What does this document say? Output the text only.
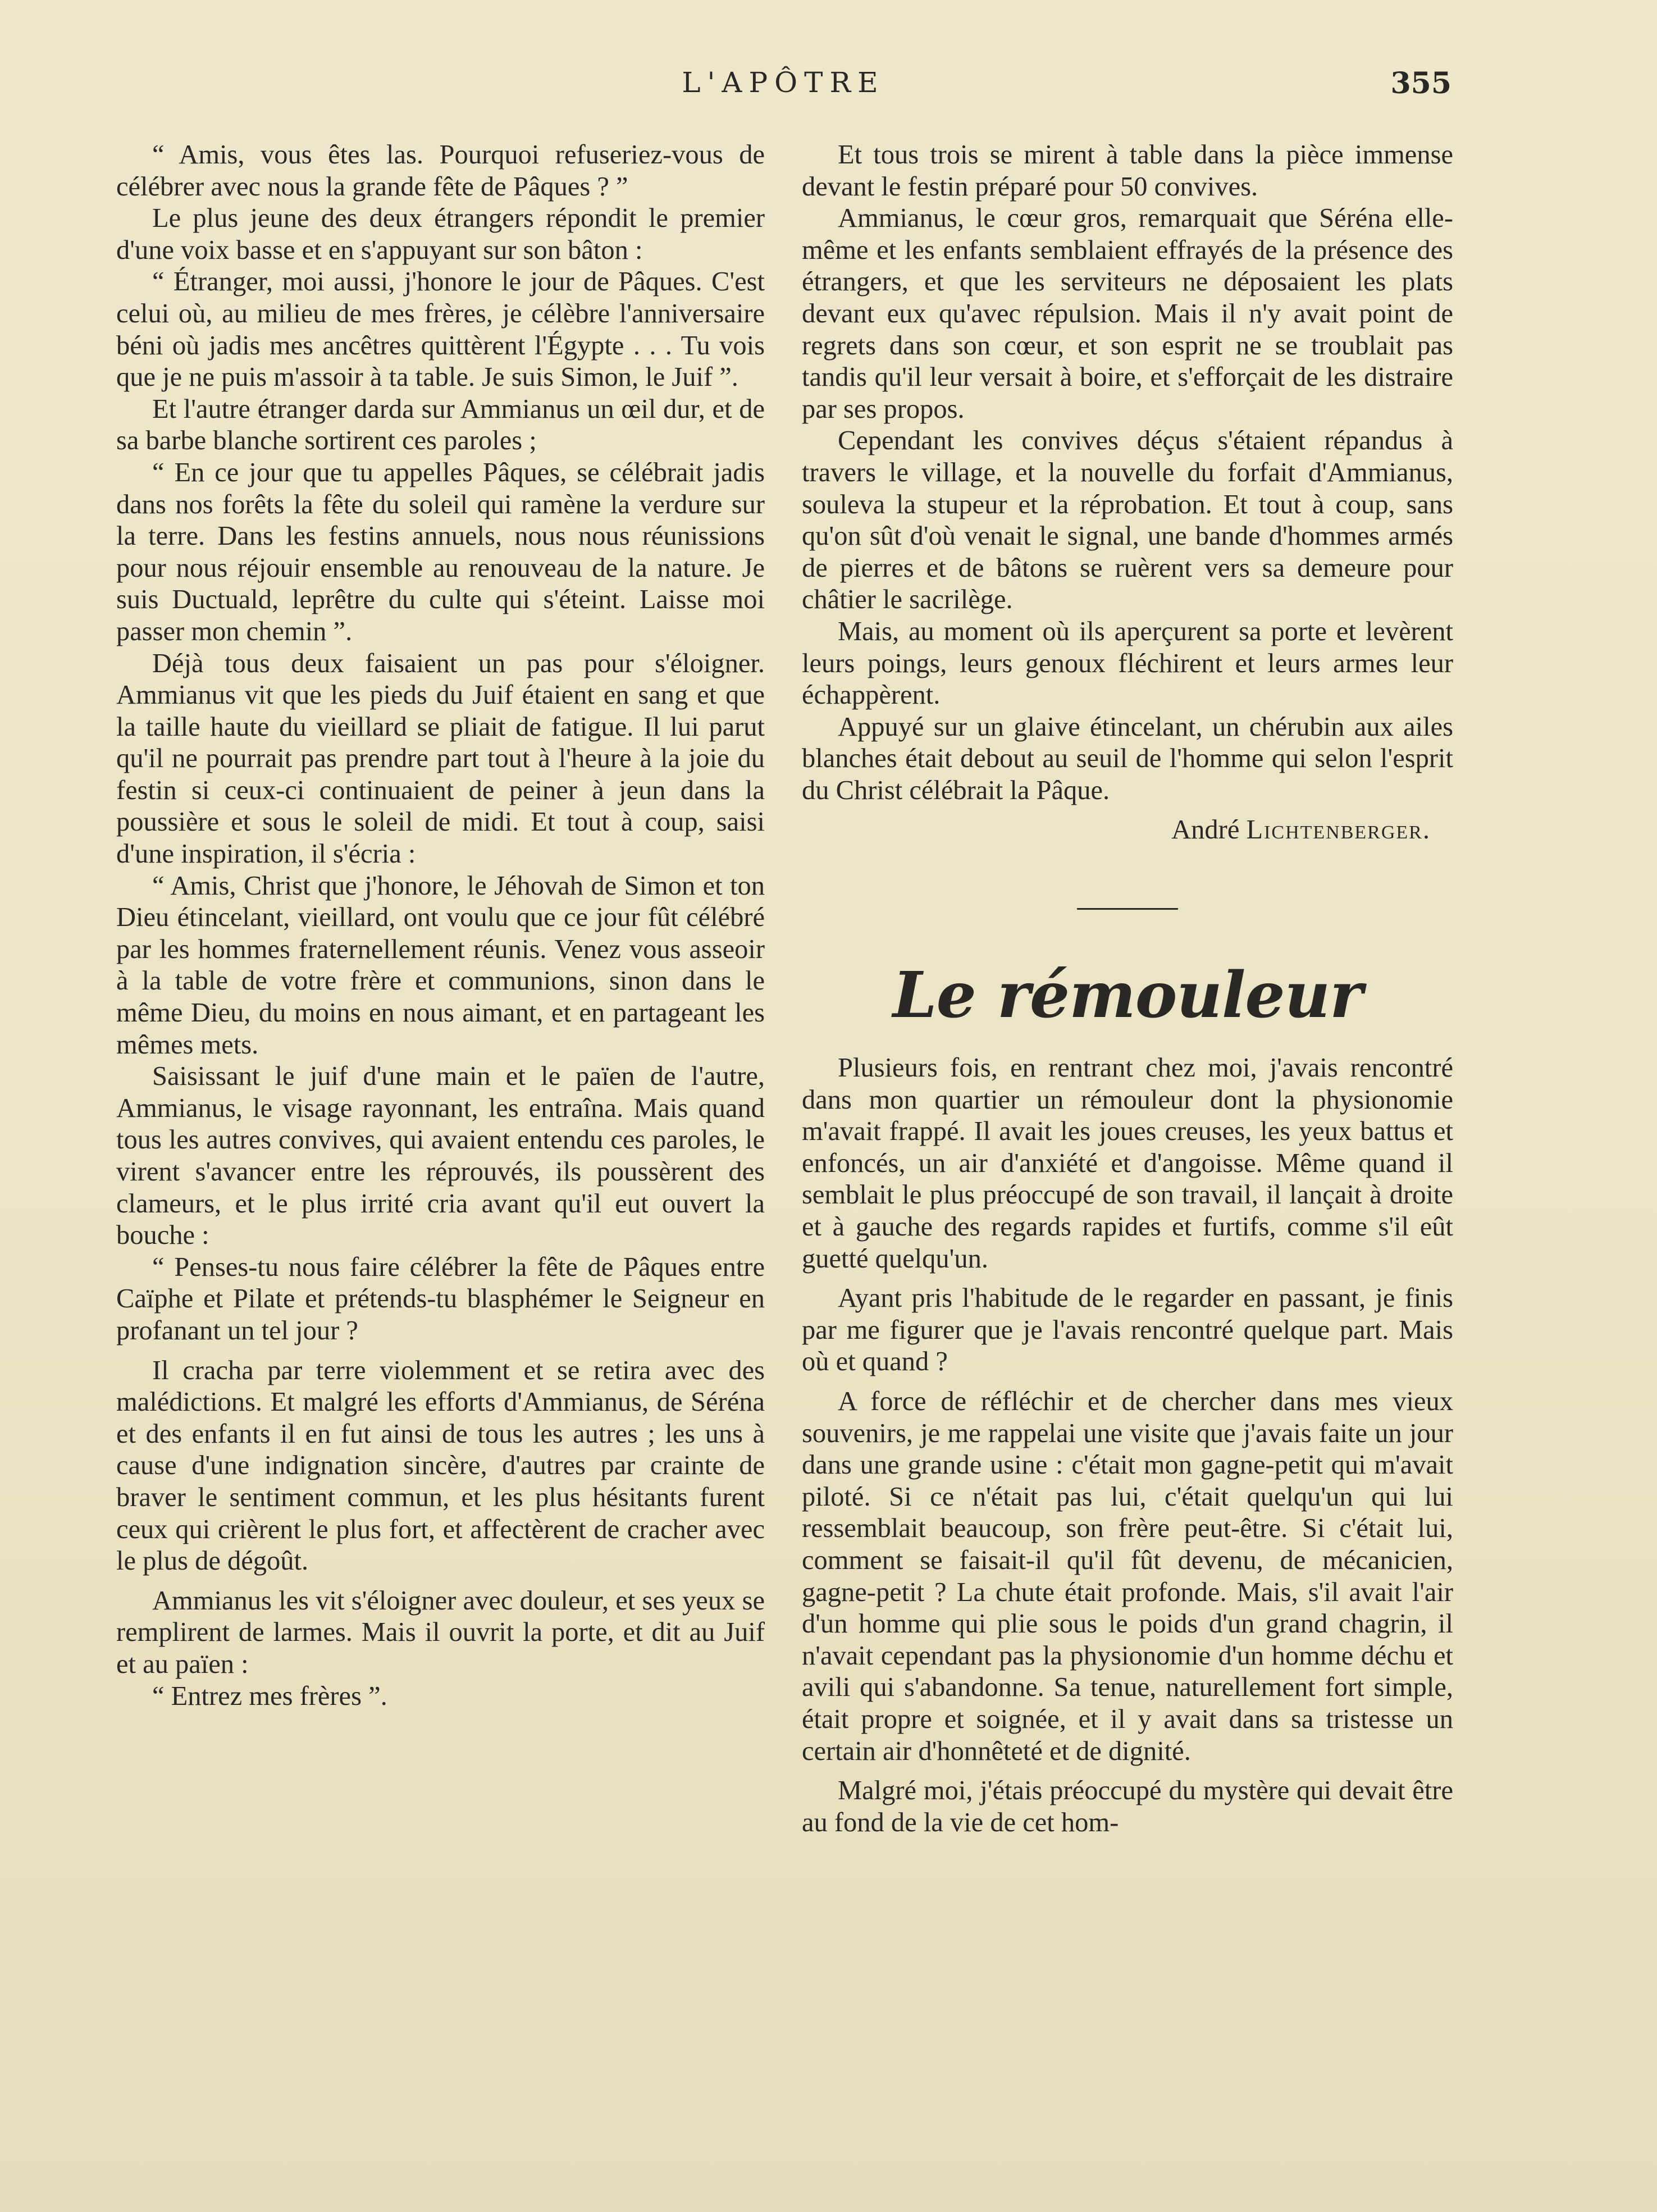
L'APÔTRE	355

“ Amis, vous êtes las. Pourquoi refuseriez-vous de célébrer avec nous la grande fête de Pâques ? ”

Le plus jeune des deux étrangers répondit le premier d'une voix basse et en s'appuyant sur son bâton :

“ Étranger, moi aussi, j'honore le jour de Pâques. C'est celui où, au milieu de mes frères, je célèbre l'anniversaire béni où jadis mes ancêtres quittèrent l'Égypte . . . Tu vois que je ne puis m'assoir à ta table. Je suis Simon, le Juif ”.

Et l'autre étranger darda sur Ammianus un œil dur, et de sa barbe blanche sortirent ces paroles ;

“ En ce jour que tu appelles Pâques, se célébrait jadis dans nos forêts la fête du soleil qui ramène la verdure sur la terre. Dans les festins annuels, nous nous réunissions pour nous réjouir ensemble au renouveau de la nature. Je suis Ductuald, leprêtre du culte qui s'éteint. Laisse moi passer mon chemin ”.

Déjà tous deux faisaient un pas pour s'éloigner. Ammianus vit que les pieds du Juif étaient en sang et que la taille haute du vieillard se pliait de fatigue. Il lui parut qu'il ne pourrait pas prendre part tout à l'heure à la joie du festin si ceux-ci continuaient de peiner à jeun dans la poussière et sous le soleil de midi. Et tout à coup, saisi d'une inspiration, il s'écria :

“ Amis, Christ que j'honore, le Jéhovah de Simon et ton Dieu étincelant, vieillard, ont voulu que ce jour fût célébré par les hommes fraternellement réunis. Venez vous asseoir à la table de votre frère et communions, sinon dans le même Dieu, du moins en nous aimant, et en partageant les mêmes mets.

Saisissant le juif d'une main et le païen de l'autre, Ammianus, le visage rayonnant, les entraîna. Mais quand tous les autres convives, qui avaient entendu ces paroles, le virent s'avancer entre les réprouvés, ils poussèrent des clameurs, et le plus irrité cria avant qu'il eut ouvert la bouche :

“ Penses-tu nous faire célébrer la fête de Pâques entre Caïphe et Pilate et prétends-tu blasphémer le Seigneur en profanant un tel jour ?

Il cracha par terre violemment et se retira avec des malédictions. Et malgré les efforts d'Ammianus, de Séréna et des enfants il en fut ainsi de tous les autres ; les uns à cause d'une indignation sincère, d'autres par crainte de braver le sentiment commun, et les plus hésitants furent ceux qui crièrent le plus fort, et affectèrent de cracher avec le plus de dégoût.

Ammianus les vit s'éloigner avec douleur, et ses yeux se remplirent de larmes. Mais il ouvrit la porte, et dit au Juif et au païen :

“ Entrez mes frères ”.

Et tous trois se mirent à table dans la pièce immense devant le festin préparé pour 50 convives.

Ammianus, le cœur gros, remarquait que Séréna elle-même et les enfants semblaient effrayés de la présence des étrangers, et que les serviteurs ne déposaient les plats devant eux qu'avec répulsion. Mais il n'y avait point de regrets dans son cœur, et son esprit ne se troublait pas tandis qu'il leur versait à boire, et s'efforçait de les distraire par ses propos.

Cependant les convives déçus s'étaient répandus à travers le village, et la nouvelle du forfait d'Ammianus, souleva la stupeur et la réprobation. Et tout à coup, sans qu'on sût d'où venait le signal, une bande d'hommes armés de pierres et de bâtons se ruèrent vers sa demeure pour châtier le sacrilège.

Mais, au moment où ils aperçurent sa porte et levèrent leurs poings, leurs genoux fléchirent et leurs armes leur échappèrent.

Appuyé sur un glaive étincelant, un chérubin aux ailes blanches était debout au seuil de l'homme qui selon l'esprit du Christ célébrait la Pâque.

André Lichtenberger.
Le rémouleur

Plusieurs fois, en rentrant chez moi, j'avais rencontré dans mon quartier un rémouleur dont la physionomie m'avait frappé. Il avait les joues creuses, les yeux battus et enfoncés, un air d'anxiété et d'angoisse. Même quand il semblait le plus préoccupé de son travail, il lançait à droite et à gauche des regards rapides et furtifs, comme s'il eût guetté quelqu'un.

Ayant pris l'habitude de le regarder en passant, je finis par me figurer que je l'avais rencontré quelque part. Mais où et quand ?

A force de réfléchir et de chercher dans mes vieux souvenirs, je me rappelai une visite que j'avais faite un jour dans une grande usine : c'était mon gagne-petit qui m'avait piloté. Si ce n'était pas lui, c'était quelqu'un qui lui ressemblait beaucoup, son frère peut-être. Si c'était lui, comment se faisait-il qu'il fût devenu, de mécanicien, gagne-petit ? La chute était profonde. Mais, s'il avait l'air d'un homme qui plie sous le poids d'un grand chagrin, il n'avait cependant pas la physionomie d'un homme déchu et avili qui s'abandonne. Sa tenue, naturellement fort simple, était propre et soignée, et il y avait dans sa tristesse un certain air d'honnêteté et de dignité.

Malgré moi, j'étais préoccupé du mystère qui devait être au fond de la vie de cet hom-
